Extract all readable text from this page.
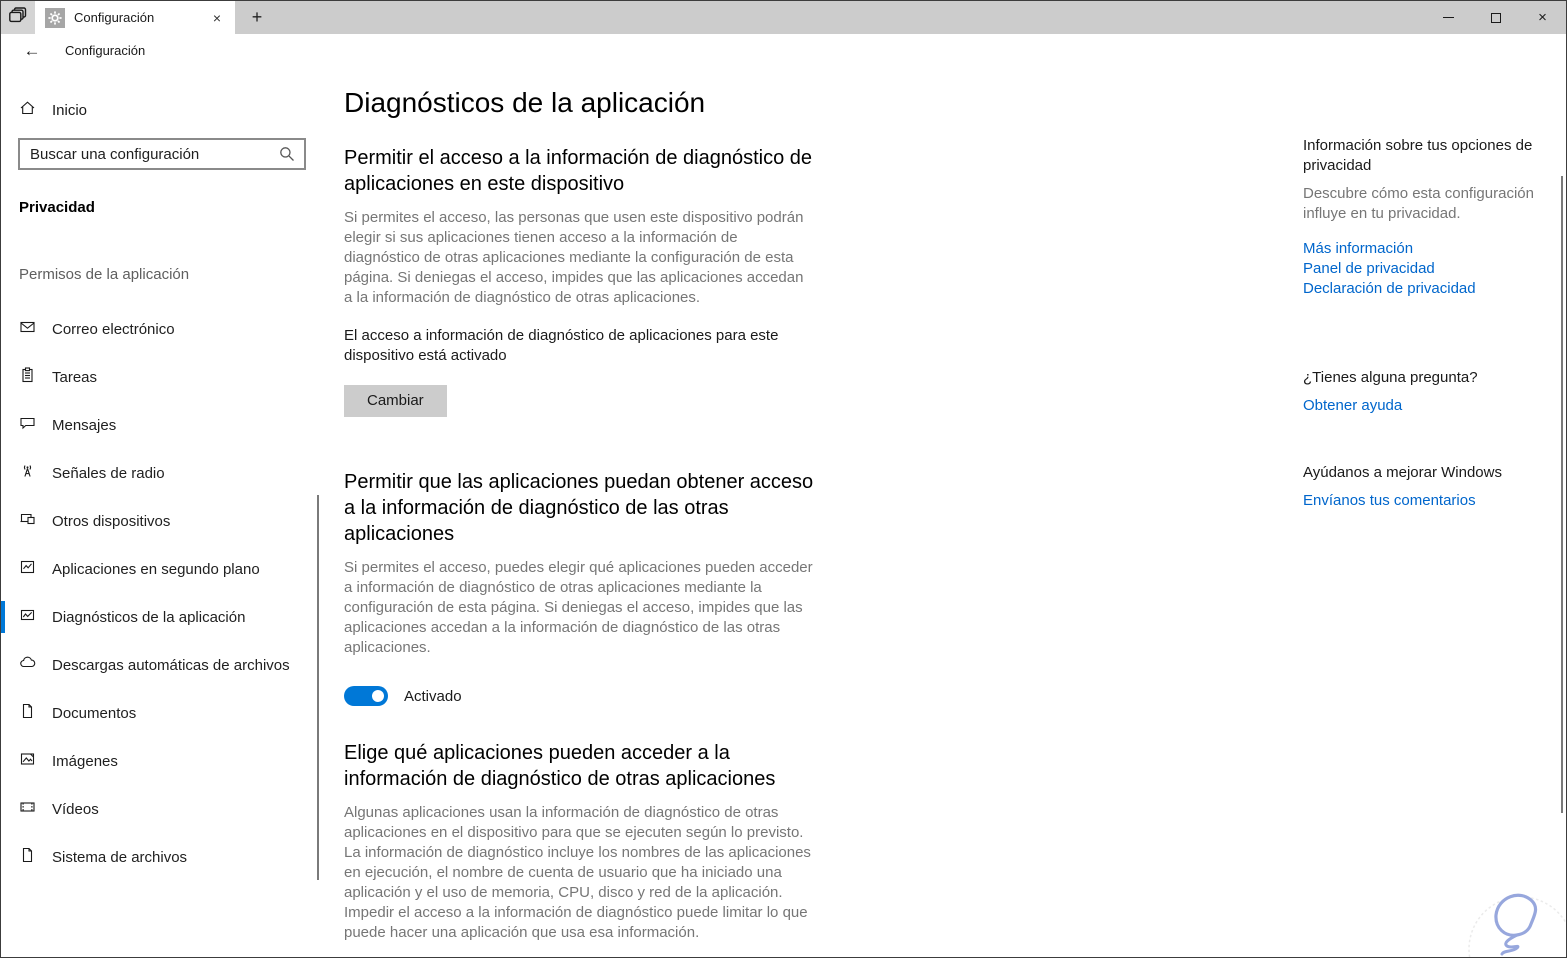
Configuración	×	+	×
←	Configuración
Inicio
Buscar una configuración
Privacidad
Permisos de la aplicación
Correo electrónico
Tareas
Mensajes
Señales de radio
Otros dispositivos
Aplicaciones en segundo plano
Diagnósticos de la aplicación
Descargas automáticas de archivos
Documentos
Imágenes
Vídeos
Sistema de archivos
Diagnósticos de la aplicación
Permitir el acceso a la información de diagnóstico de aplicaciones en este dispositivo
Si permites el acceso, las personas que usen este dispositivo podrán elegir si sus aplicaciones tienen acceso a la información de diagnóstico de otras aplicaciones mediante la configuración de esta página. Si deniegas el acceso, impides que las aplicaciones accedan a la información de diagnóstico de otras aplicaciones.
El acceso a información de diagnóstico de aplicaciones para este dispositivo está activado
Cambiar
Permitir que las aplicaciones puedan obtener acceso a la información de diagnóstico de las otras aplicaciones
Si permites el acceso, puedes elegir qué aplicaciones pueden acceder a información de diagnóstico de otras aplicaciones mediante la configuración de esta página. Si deniegas el acceso, impides que las aplicaciones accedan a la información de diagnóstico de las otras aplicaciones.
Activado
Elige qué aplicaciones pueden acceder a la información de diagnóstico de otras aplicaciones
Algunas aplicaciones usan la información de diagnóstico de otras aplicaciones en el dispositivo para que se ejecuten según lo previsto. La información de diagnóstico incluye los nombres de las aplicaciones en ejecución, el nombre de cuenta de usuario que ha iniciado una aplicación y el uso de memoria, CPU, disco y red de la aplicación. Impedir el acceso a la información de diagnóstico puede limitar lo que puede hacer una aplicación que usa esa información.
Información sobre tus opciones de privacidad
Descubre cómo esta configuración influye en tu privacidad.
Más información
Panel de privacidad
Declaración de privacidad
¿Tienes alguna pregunta?
Obtener ayuda
Ayúdanos a mejorar Windows
Envíanos tus comentarios
